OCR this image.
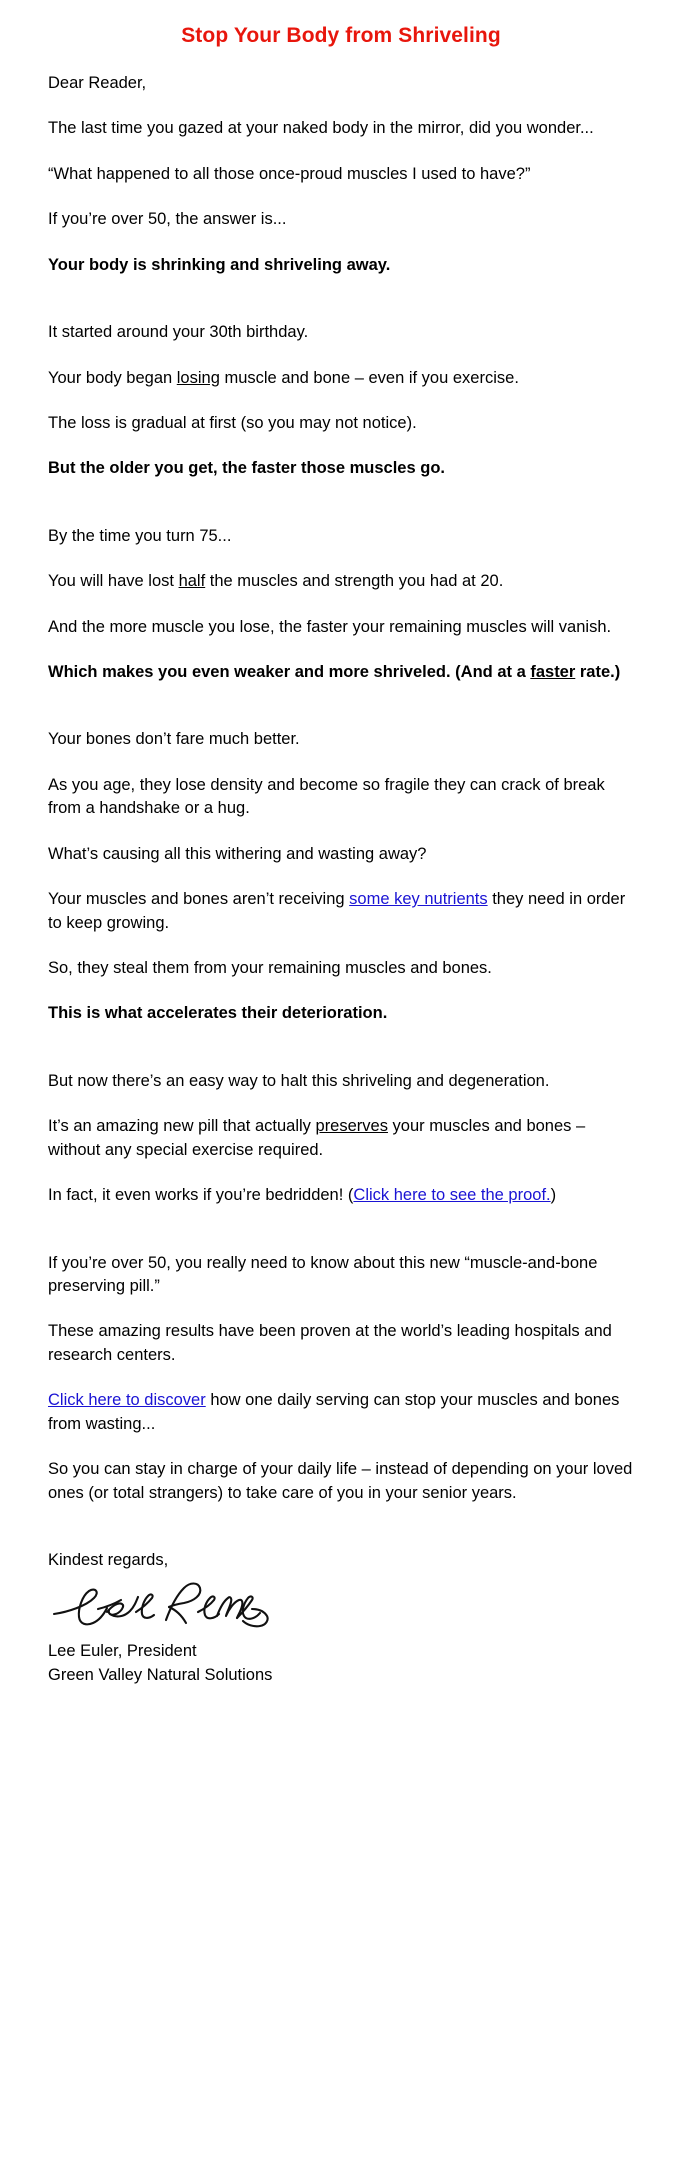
Stop Your Body from Shriveling

Dear Reader,

The last time you gazed at your naked body in the mirror, did you wonder...

“What happened to all those once-proud muscles I used to have?”

If you’re over 50, the answer is...

Your body is shrinking and shriveling away.

It started around your 30th birthday.

Your body began losing muscle and bone – even if you exercise.

The loss is gradual at first (so you may not notice).

But the older you get, the faster those muscles go.

By the time you turn 75...

You will have lost half the muscles and strength you had at 20.

And the more muscle you lose, the faster your remaining muscles will vanish.

Which makes you even weaker and more shriveled. (And at a faster rate.)

Your bones don’t fare much better.

As you age, they lose density and become so fragile they can crack of break from a handshake or a hug.

What’s causing all this withering and wasting away?

Your muscles and bones aren’t receiving some key nutrients they need in order to keep growing.

So, they steal them from your remaining muscles and bones.

This is what accelerates their deterioration.

But now there’s an easy way to halt this shriveling and degeneration.

It’s an amazing new pill that actually preserves your muscles and bones – without any special exercise required.

In fact, it even works if you’re bedridden! (Click here to see the proof.)

If you’re over 50, you really need to know about this new “muscle-and-bone preserving pill.”

These amazing results have been proven at the world’s leading hospitals and research centers.

Click here to discover how one daily serving can stop your muscles and bones from wasting...

So you can stay in charge of your daily life – instead of depending on your loved ones (or total strangers) to take care of you in your senior years.

Kindest regards,

Lee Euler, President

Green Valley Natural Solutions
